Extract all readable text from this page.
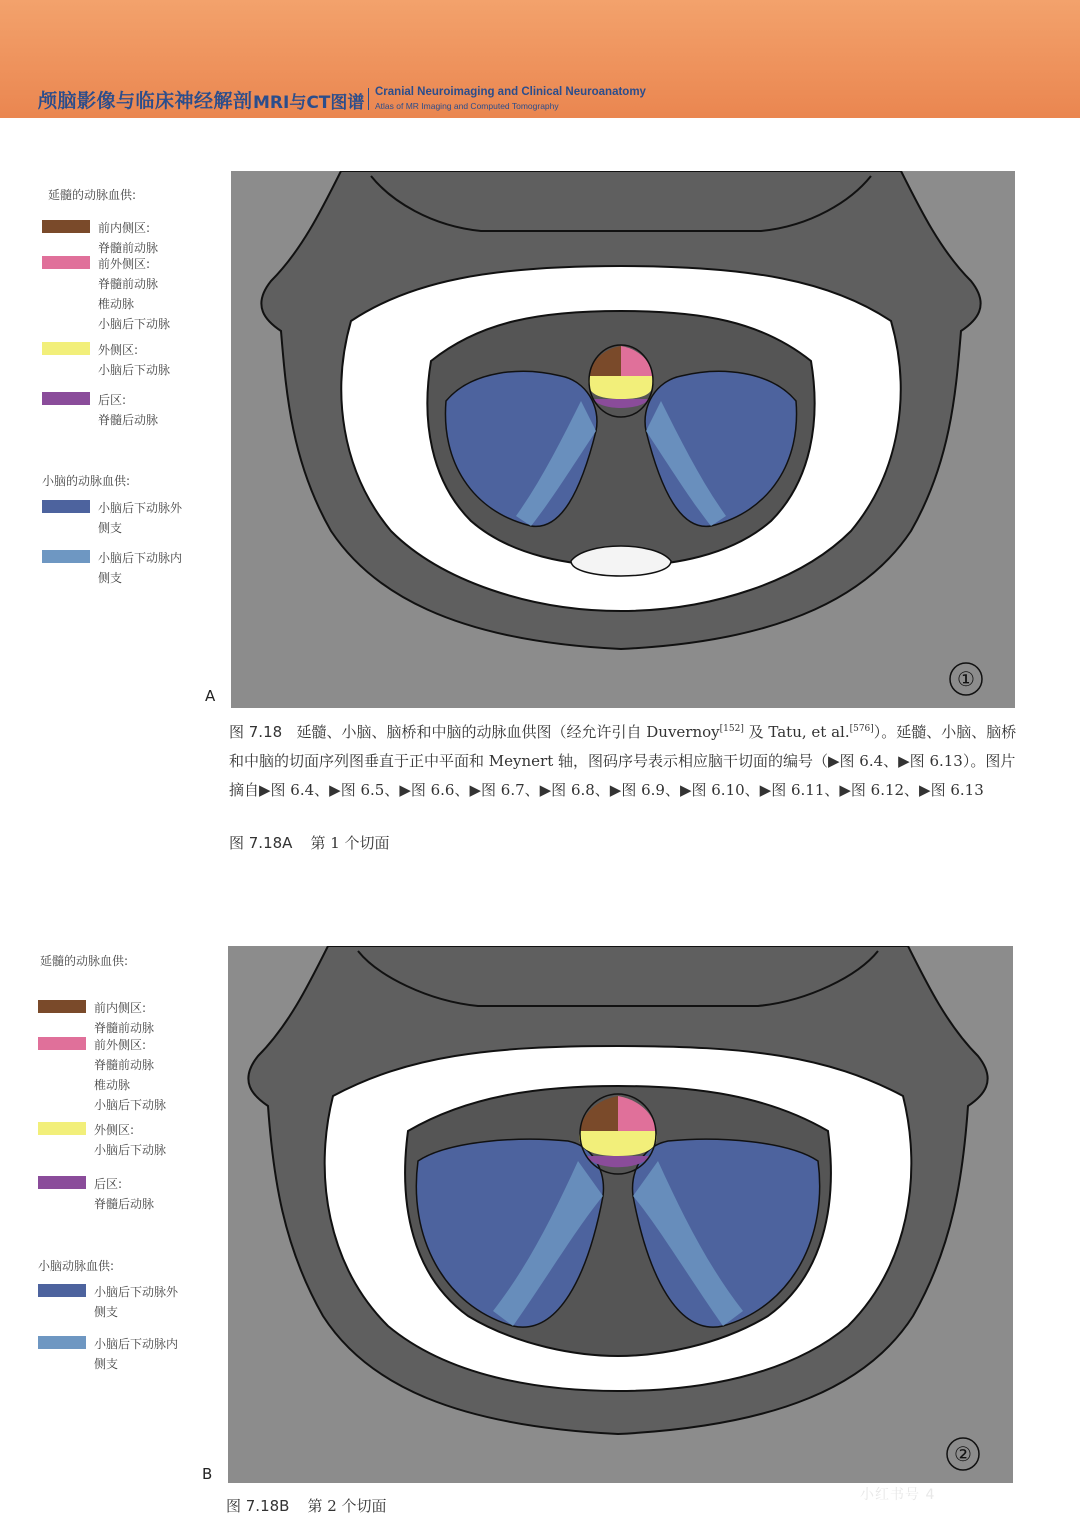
颅脑影像与临床神经解剖 MRI与CT图谱
Cranial Neuroimaging and Clinical Neuroanatomy
Atlas of MR Imaging and Computed Tomography
延髓的动脉血供:
前内侧区:
脊髓前动脉
前外侧区:
脊髓前动脉
椎动脉
小脑后下动脉
外侧区:
小脑后下动脉
后区:
脊髓后动脉
小脑的动脉血供:
小脑后下动脉外
侧支
小脑后下动脉内
侧支
①
A
图 7.18 延髓、小脑、脑桥和中脑的动脉血供图（经允许引自 Duvernoy[152] 及 Tatu, et al.[576]）。延髓、小脑、脑桥和中脑的切面序列图垂直于正中平面和 Meynert 轴，图码序号表示相应脑干切面的编号（▶图 6.4、▶图 6.13）。图片摘自▶图 6.4、▶图 6.5、▶图 6.6、▶图 6.7、▶图 6.8、▶图 6.9、▶图 6.10、▶图 6.11、▶图 6.12、▶图 6.13
图 7.18A 第 1 个切面
延髓的动脉血供:
前内侧区:
脊髓前动脉
前外侧区:
脊髓前动脉
椎动脉
小脑后下动脉
外侧区:
小脑后下动脉
后区:
脊髓后动脉
小脑动脉血供:
小脑后下动脉外
侧支
小脑后下动脉内
侧支
②
B
图 7.18B 第 2 个切面
小红书号 4
